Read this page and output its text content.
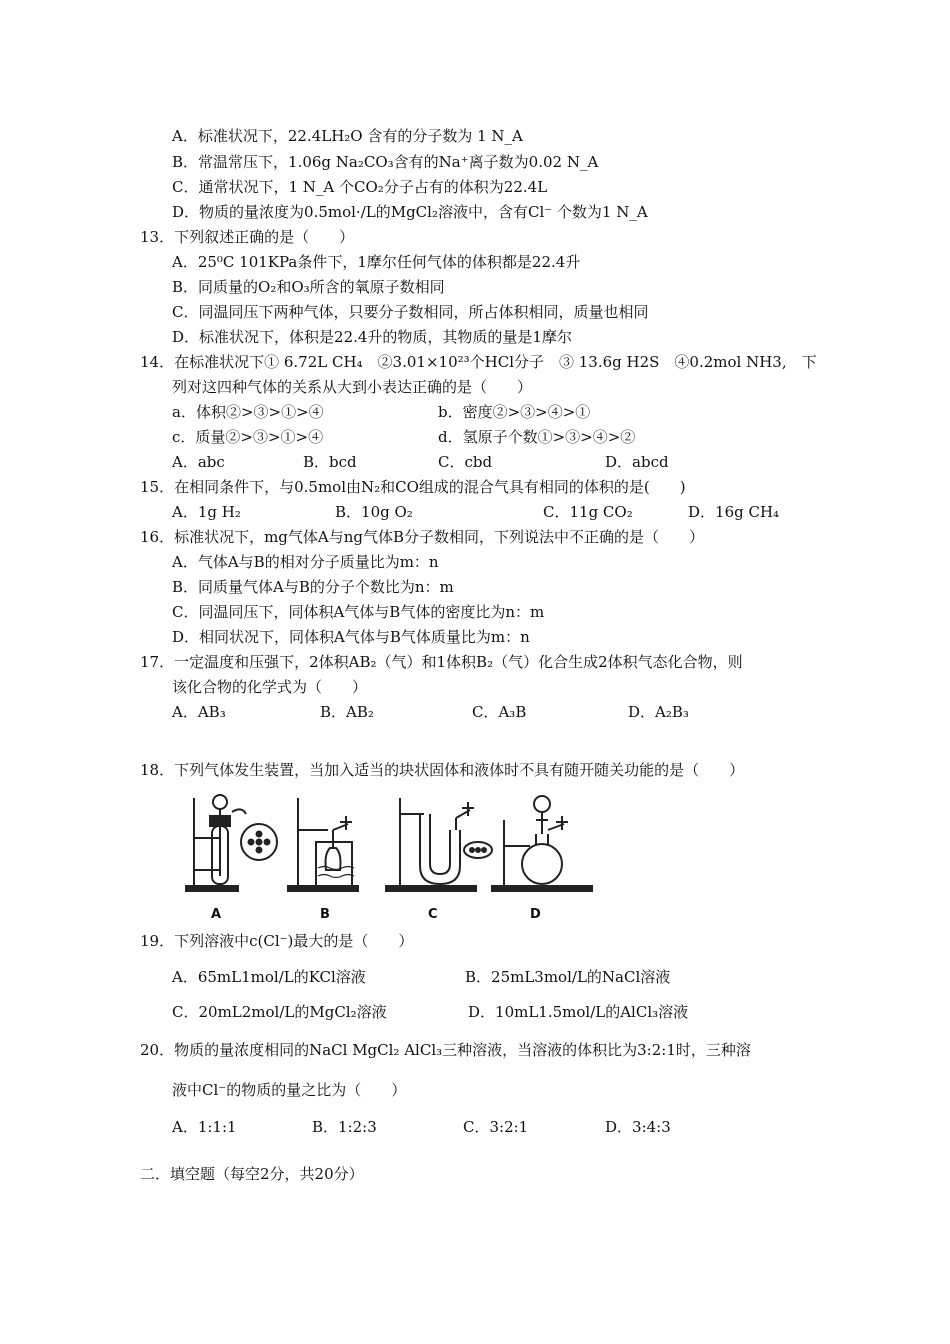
A．标准状况下，22.4LH₂O 含有的分子数为 1 N_A
B．常温常压下，1.06g Na₂CO₃含有的Na⁺离子数为0.02 N_A
C．通常状况下，1 N_A 个CO₂分子占有的体积为22.4L
D．物质的量浓度为0.5mol·/L的MgCl₂溶液中，含有Cl⁻ 个数为1 N_A
13．下列叙述正确的是（　　）
A．25⁰C 101KPa条件下，1摩尔任何气体的体积都是22.4升
B．同质量的O₂和O₃所含的氧原子数相同
C．同温同压下两种气体，只要分子数相同，所占体积相同，质量也相同
D．标准状况下，体积是22.4升的物质，其物质的量是1摩尔
14．在标准状况下① 6.72L CH₄　②3.01×10²³个HCl分子　③ 13.6g H2S　④0.2mol NH3,　下
列对这四种气体的关系从大到小表达正确的是（　　）
a．体积②>③>①>④	b．密度②>③>④>①
c．质量②>③>①>④	d．氢原子个数①>③>④>②
A．abc	B．bcd	C．cbd	D．abcd
15．在相同条件下，与0.5mol由N₂和CO组成的混合气具有相同的体积的是(　　)
A．1g H₂	B．10g O₂	C．11g CO₂	D．16g CH₄
16．标准状况下，mg气体A与ng气体B分子数相同，下列说法中不正确的是（　　）
A．气体A与B的相对分子质量比为m：n
B．同质量气体A与B的分子个数比为n：m
C．同温同压下，同体积A气体与B气体的密度比为n：m
D．相同状况下，同体积A气体与B气体质量比为m：n
17．一定温度和压强下，2体积AB₂（气）和1体积B₂（气）化合生成2体积气态化合物，则
该化合物的化学式为（　　）
A．AB₃	B．AB₂	C．A₃B	D．A₂B₃
18．下列气体发生装置，当加入适当的块状固体和液体时不具有随开随关功能的是（　　）
A	B	C	D
19．下列溶液中c(Cl⁻)最大的是（　　）
A．65mL1mol/L的KCl溶液	B．25mL3mol/L的NaCl溶液
C．20mL2mol/L的MgCl₂溶液	D．10mL1.5mol/L的AlCl₃溶液
20．物质的量浓度相同的NaCl MgCl₂ AlCl₃三种溶液，当溶液的体积比为3:2:1时，三种溶
液中Cl⁻的物质的量之比为（　　）
A．1:1:1	B．1:2:3	C．3:2:1	D．3:4:3
二．填空题（每空2分，共20分）
